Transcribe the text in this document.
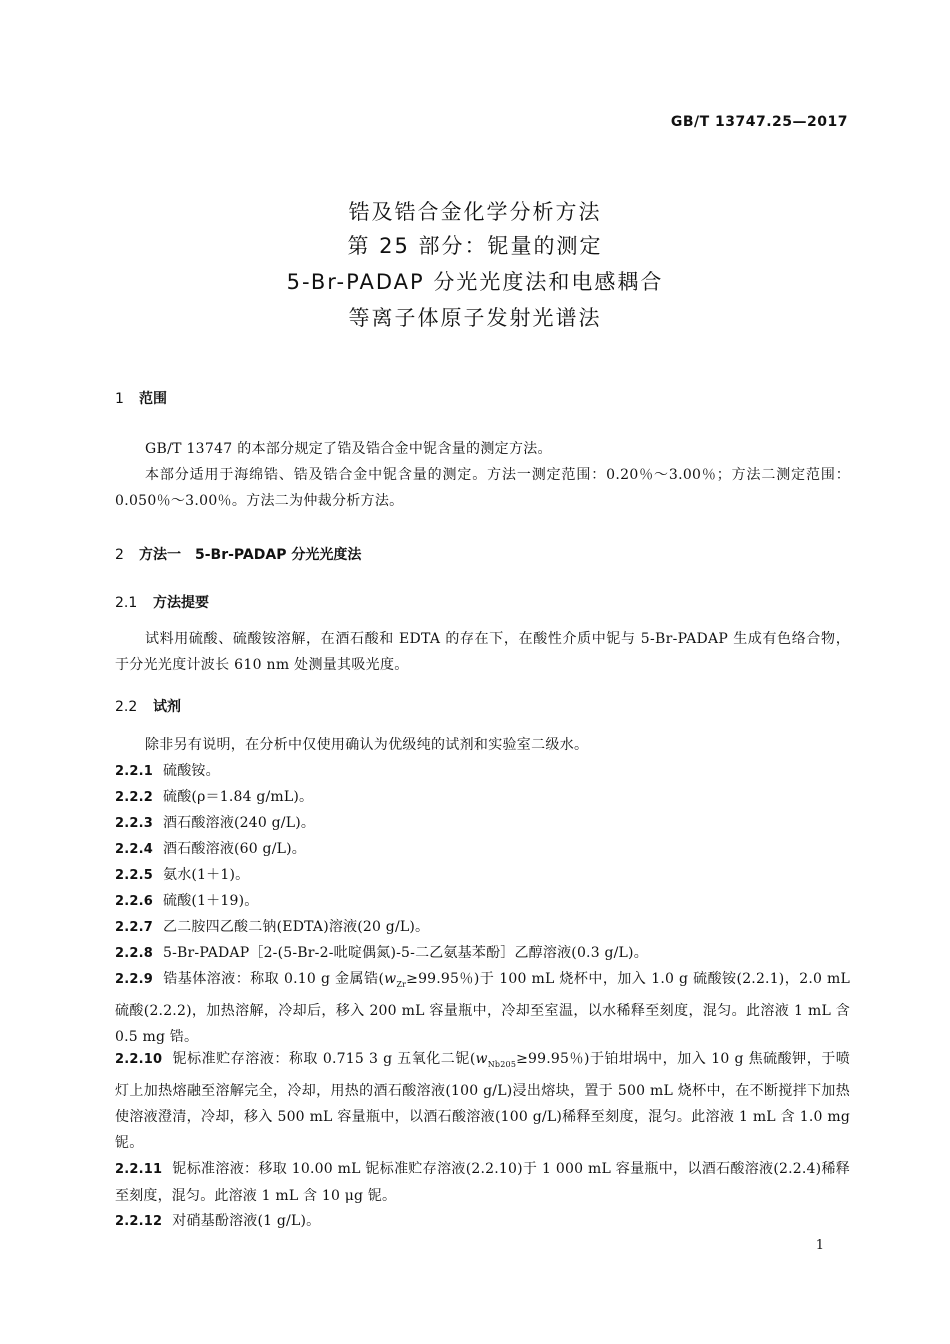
GB/T 13747.25—2017
锆及锆合金化学分析方法
第 25 部分：铌量的测定
5-Br-PADAP 分光光度法和电感耦合
等离子体原子发射光谱法
1 范围
GB/T 13747 的本部分规定了锆及锆合金中铌含量的测定方法。
本部分适用于海绵锆、锆及锆合金中铌含量的测定。方法一测定范围：0.20％～3.00％；方法二测定范围：0.050％～3.00％。方法二为仲裁分析方法。
2 方法一　5-Br-PADAP 分光光度法
2.1 方法提要
试料用硫酸、硫酸铵溶解，在酒石酸和 EDTA 的存在下，在酸性介质中铌与 5-Br-PADAP 生成有色络合物，于分光光度计波长 610 nm 处测量其吸光度。
2.2 试剂
除非另有说明，在分析中仅使用确认为优级纯的试剂和实验室二级水。
2.2.1 硫酸铵。
2.2.2 硫酸(ρ＝1.84 g/mL)。
2.2.3 酒石酸溶液(240 g/L)。
2.2.4 酒石酸溶液(60 g/L)。
2.2.5 氨水(1＋1)。
2.2.6 硫酸(1＋19)。
2.2.7 乙二胺四乙酸二钠(EDTA)溶液(20 g/L)。
2.2.8 5-Br-PADAP［2-(5-Br-2-吡啶偶氮)-5-二乙氨基苯酚］乙醇溶液(0.3 g/L)。
2.2.9 锆基体溶液：称取 0.10 g 金属锆($w_{Zr}\ge 99.95$％)于 100 mL 烧杯中，加入 1.0 g 硫酸铵(2.2.1)，2.0 mL 硫酸(2.2.2)，加热溶解，冷却后，移入 200 mL 容量瓶中，冷却至室温，以水稀释至刻度，混匀。此溶液 1 mL 含 0.5 mg 锆。
2.2.10 铌标准贮存溶液：称取 0.715 3 g 五氧化二铌($w_{Nb205}\ge 99.95$％)于铂坩埚中，加入 10 g 焦硫酸钾，于喷灯上加热熔融至溶解完全，冷却，用热的酒石酸溶液(100 g/L)浸出熔块，置于 500 mL 烧杯中，在不断搅拌下加热使溶液澄清，冷却，移入 500 mL 容量瓶中，以酒石酸溶液(100 g/L)稀释至刻度，混匀。此溶液 1 mL 含 1.0 mg 铌。
2.2.11 铌标准溶液：移取 10.00 mL 铌标准贮存溶液(2.2.10)于 1 000 mL 容量瓶中，以酒石酸溶液(2.2.4)稀释至刻度，混匀。此溶液 1 mL 含 10 μg 铌。
2.2.12 对硝基酚溶液(1 g/L)。
1
